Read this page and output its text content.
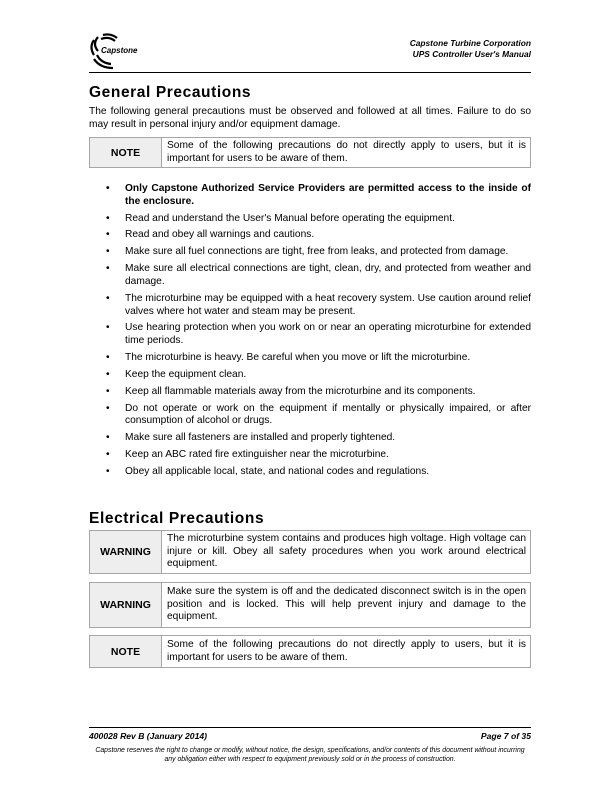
Capstone
Capstone Turbine Corporation
UPS Controller User's Manual
General Precautions

The following general precautions must be observed and followed at all times. Failure to do so may result in personal injury and/or equipment damage.

NOTE	Some of the following precautions do not directly apply to users, but it is important for users to be aware of them.
• Only Capstone Authorized Service Providers are permitted access to the inside of the enclosure.
• Read and understand the User's Manual before operating the equipment.
• Read and obey all warnings and cautions.
• Make sure all fuel connections are tight, free from leaks, and protected from damage.
• Make sure all electrical connections are tight, clean, dry, and protected from weather and damage.
• The microturbine may be equipped with a heat recovery system. Use caution around relief valves where hot water and steam may be present.
• Use hearing protection when you work on or near an operating microturbine for extended time periods.
• The microturbine is heavy. Be careful when you move or lift the microturbine.
• Keep the equipment clean.
• Keep all flammable materials away from the microturbine and its components.
• Do not operate or work on the equipment if mentally or physically impaired, or after consumption of alcohol or drugs.
• Make sure all fasteners are installed and properly tightened.
• Keep an ABC rated fire extinguisher near the microturbine.
• Obey all applicable local, state, and national codes and regulations.
Electrical Precautions
WARNING	The microturbine system contains and produces high voltage. High voltage can injure or kill. Obey all safety procedures when you work around electrical equipment.
WARNING	Make sure the system is off and the dedicated disconnect switch is in the open position and is locked. This will help prevent injury and damage to the equipment.
NOTE	Some of the following precautions do not directly apply to users, but it is important for users to be aware of them.
400028 Rev B (January 2014)	Page 7 of 35
Capstone reserves the right to change or modify, without notice, the design, specifications, and/or contents of this document without incurring any obligation either with respect to equipment previously sold or in the process of construction.
